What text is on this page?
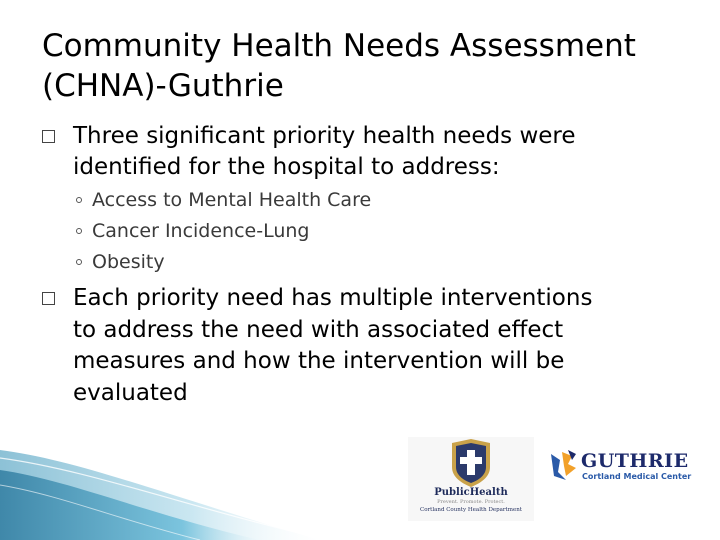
Community Health Needs Assessment
(CHNA)-Guthrie
Three significant priority health needs were
identified for the hospital to address:
Access to Mental Health Care
Cancer Incidence-Lung
Obesity
Each priority need has multiple interventions
to address the need with associated effect
measures and how the intervention will be
evaluated
PublicHealth
Prevent. Promote. Protect.
Cortland County Health Department
GUTHRIE
Cortland Medical Center
